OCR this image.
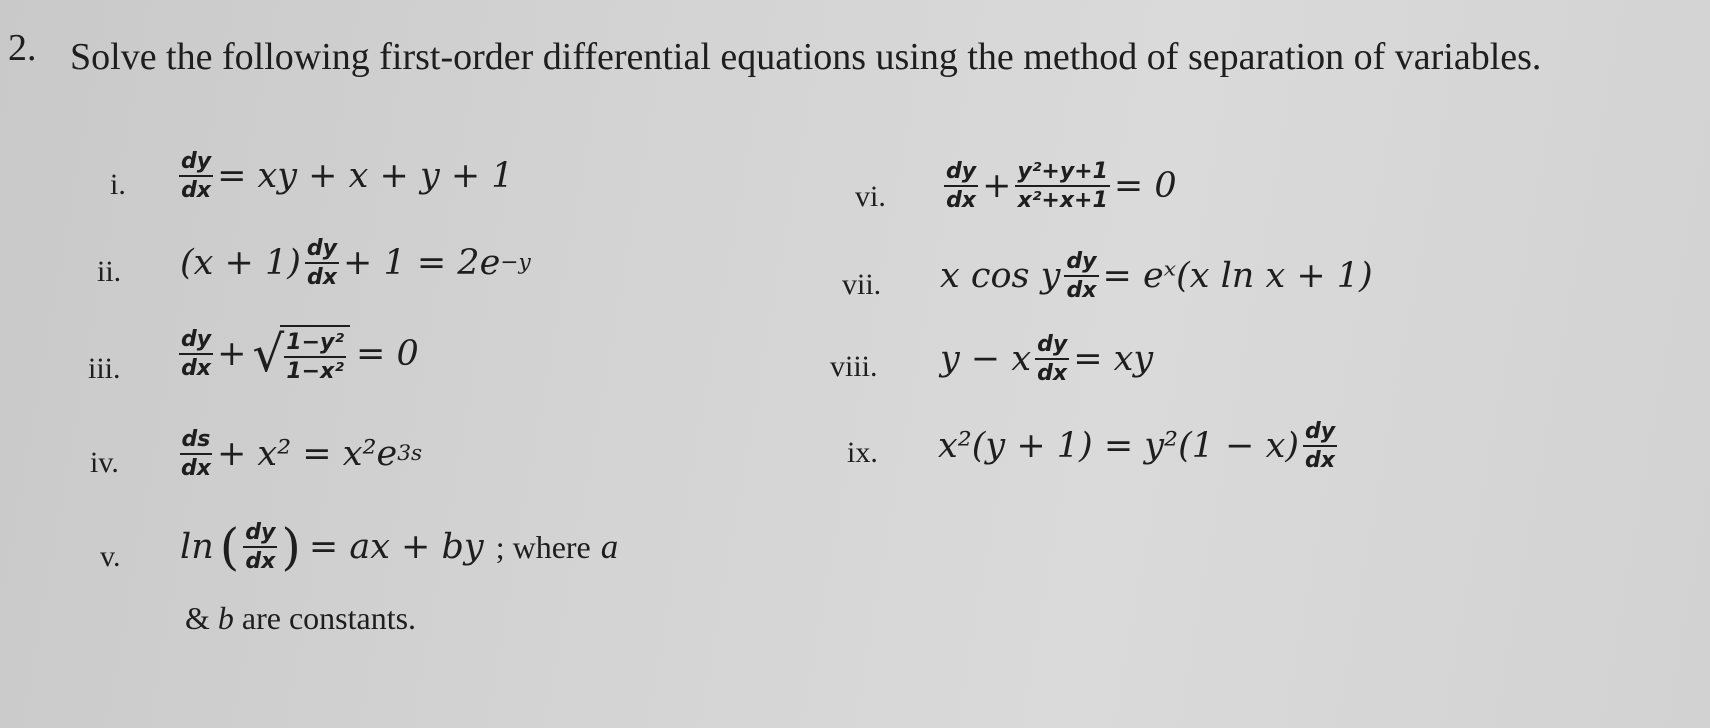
2. Solve the following first-order differential equations using the method of separation of variables.
i.
ii.
iii.
iv.
v.
vi.
vii.
viii.
ix.
$\frac{dy}{dx}$ = xy + x + y + 1
$(x + 1) \frac{dy}{dx} + 1 = 2e -y$
$\frac{dy}{dx}$ + √ $\frac{\text{1−y²}}{\text{1−x²}} = 0$
$\frac{ds}{dx} + x^2 = x^2e$ 3s
ln ( $\frac{dy}{dx}$ ) = ax + by ; where a
& b are constants.
$\frac{dy}{dx} + \frac{\text{y²+y+1}}{\text{x²+x+1}} = 0$
x cos y $\frac{dy}{dx}$ = eˣ(x ln x + 1)
y − x $\frac{dy}{dx}$ = xy
$x^2(y + 1) = y^2(1 - x) \frac{dy}{dx}$
